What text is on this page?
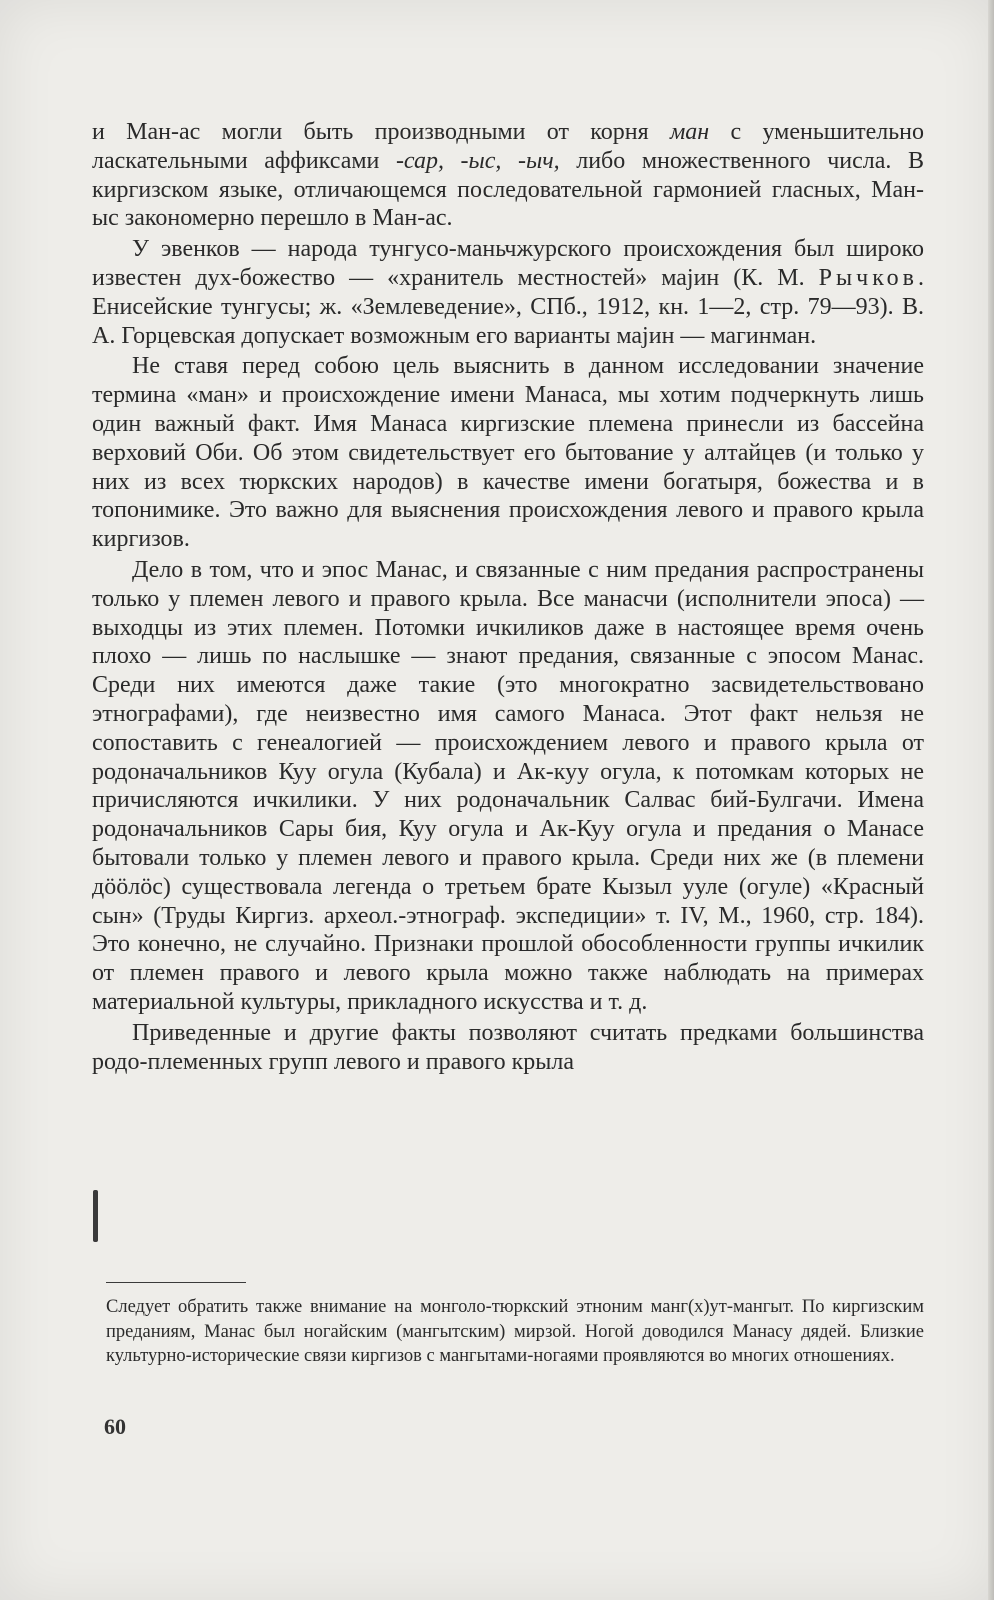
и Ман-ас могли быть производными от корня ман с уменьшительно ласкательными аффиксами -сар, -ыс, -ыч, либо множественного числа. В киргизском языке, отличающемся последовательной гармонией гласных, Ман-ыс закономерно перешло в Ман-ас.

У эвенков — народа тунгусо-маньчжурского происхождения был широко известен дух-божество — «хранитель местностей» мајин (К. М. Рычков. Енисейские тунгусы; ж. «Землеведение», СПб., 1912, кн. 1—2, стр. 79—93). В. А. Горцевская допускает возможным его варианты мајин — магинман.

Не ставя перед собою цель выяснить в данном исследовании значение термина «ман» и происхождение имени Манаса, мы хотим подчеркнуть лишь один важный факт. Имя Манаса киргизские племена принесли из бассейна верховий Оби. Об этом свидетельствует его бытование у алтайцев (и только у них из всех тюркских народов) в качестве имени богатыря, божества и в топонимике. Это важно для выяснения происхождения левого и правого крыла киргизов.

Дело в том, что и эпос Манас, и связанные с ним предания распространены только у племен левого и правого крыла. Все манасчи (исполнители эпоса) — выходцы из этих племен. Потомки ичкиликов даже в настоящее время очень плохо — лишь по наслышке — знают предания, связанные с эпосом Манас. Среди них имеются даже такие (это многократно засвидетельствовано этнографами), где неизвестно имя самого Манаса. Этот факт нельзя не сопоставить с генеалогией — происхождением левого и правого крыла от родоначальников Куу огула (Кубала) и Ак-куу огула, к потомкам которых не причисляются ичкилики. У них родоначальник Салвас бий-Булгачи. Имена родоначальников Сары бия, Куу огула и Ак-Куу огула и предания о Манасе бытовали только у племен левого и правого крыла. Среди них же (в племени дӧӧлӧс) существовала легенда о третьем брате Кызыл ууле (огуле) «Красный сын» (Труды Киргиз. археол.-этнограф. экспедиции» т. IV, М., 1960, стр. 184). Это конечно, не случайно. Признаки прошлой обособленности группы ичкилик от племен правого и левого крыла можно также наблюдать на примерах материальной культуры, прикладного искусства и т. д.

Приведенные и другие факты позволяют считать предками большинства родо-племенных групп левого и правого крыла

Следует обратить также внимание на монголо-тюркский этноним манг(х)ут-мангыт. По киргизским преданиям, Манас был ногайским (мангытским) мирзой. Ногой доводился Манасу дядей. Близкие культурно-исторические связи киргизов с мангытами-ногаями проявляются во многих отношениях.

60
